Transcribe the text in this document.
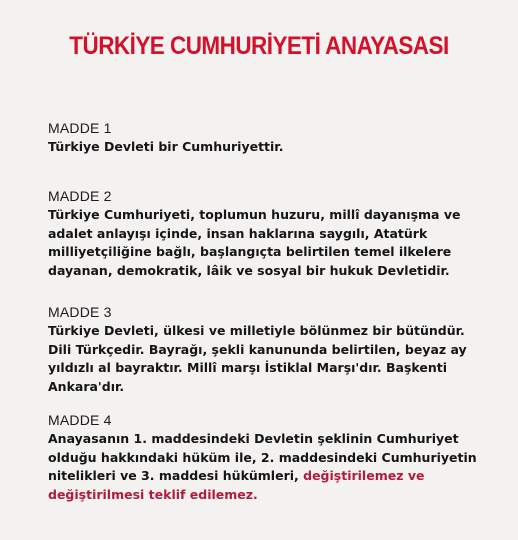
TÜRKİYE CUMHURİYETİ ANAYASASI
MADDE 1

Türkiye Devleti bir Cumhuriyettir.

MADDE 2

Türkiye Cumhuriyeti, toplumun huzuru, millî dayanışma ve adalet anlayışı içinde, insan haklarına saygılı, Atatürk milliyetçiliğine bağlı, başlangıçta belirtilen temel ilkelere dayanan, demokratik, lâik ve sosyal bir hukuk Devletidir.

MADDE 3

Türkiye Devleti, ülkesi ve milletiyle bölünmez bir bütündür. Dili Türkçedir. Bayrağı, şekli kanununda belirtilen, beyaz ay yıldızlı al bayraktır. Millî marşı İstiklal Marşı'dır. Başkenti Ankara'dır.

MADDE 4

Anayasanın 1. maddesindeki Devletin şeklinin Cumhuriyet olduğu hakkındaki hüküm ile, 2. maddesindeki Cumhuriyetin nitelikleri ve 3. maddesi hükümleri, değiştirilemez ve değiştirilmesi teklif edilemez.
